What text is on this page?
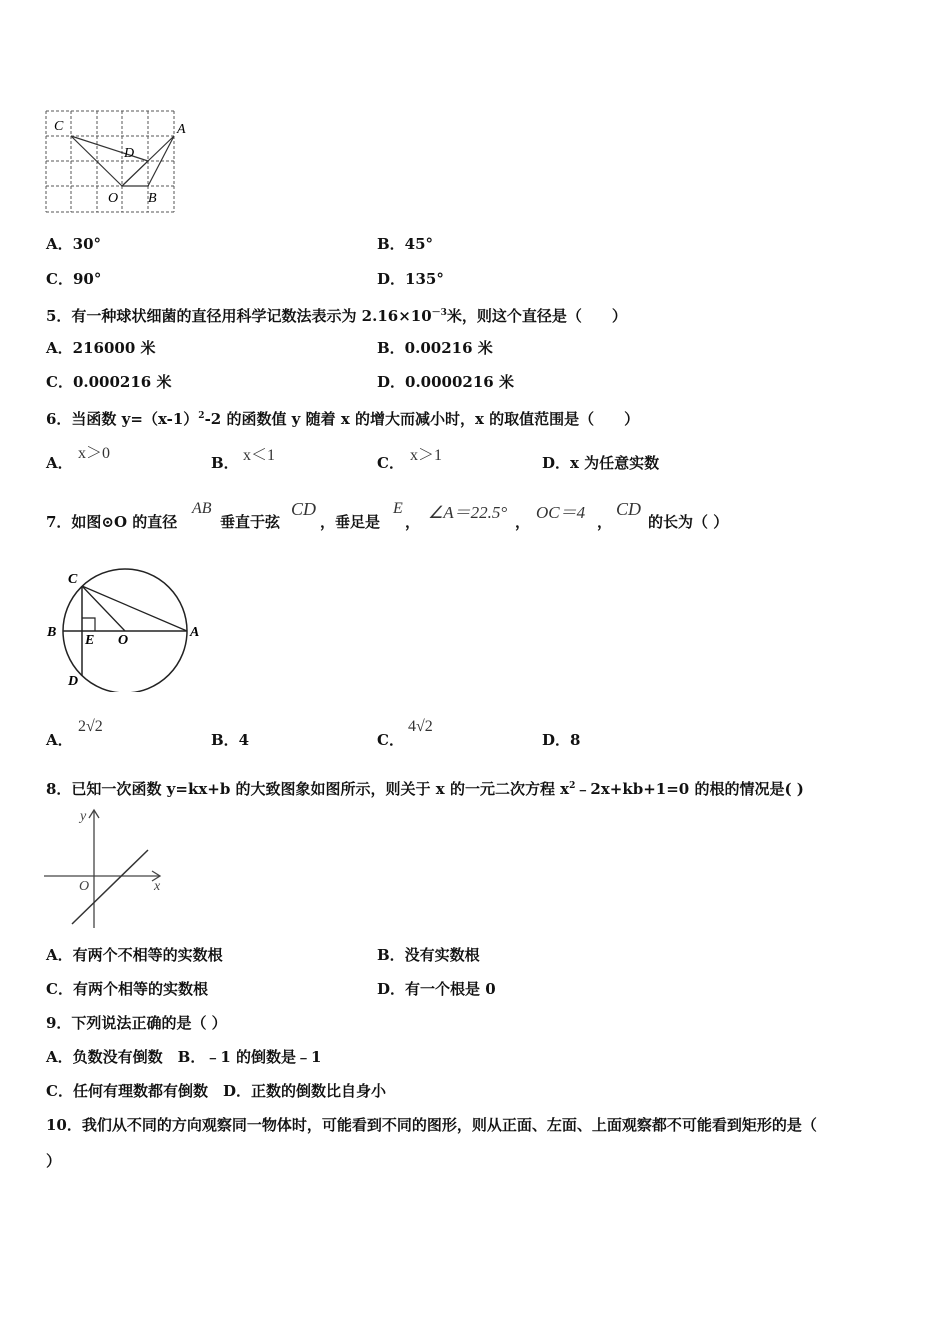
C	A
D
O B
A．30°	B．45°
C．90°	D．135°
5．有一种球状细菌的直径用科学记数法表示为 $2.16\times 10^{-3}$米，则这个直径是（　　）
A．216000 米	B．0.00216 米
C．0.000216 米	D．0.0000216 米
6．当函数 $y=(x-1)^2-2$ 的函数值 y 随着 x 的增大而减小时，x 的取值范围是（　　）
A．
x＞0
B． x＜1	C． x＞1	D．x 为任意实数
7．如图⊙O 的直径
AB
垂直于弦
CD
，垂足是
E
， ∠A＝22.5° ， OC＝4 ，
CD
的长为（ ）
C
B
E O
A
D
A．
2√2
B．4	C．
4√2
D．8
8．已知一次函数 y=kx+b 的大致图象如图所示，则关于 x 的一元二次方程 $x^2﹣2x+kb+1=0$ 的根的情况是( )
y
O	x
A．有两个不相等的实数根	B．没有实数根
C．有两个相等的实数根	D．有一个根是 0
9．下列说法正确的是（ ）
A．负数没有倒数　B．﹣1 的倒数是﹣1
C．任何有理数都有倒数　D．正数的倒数比自身小
10．我们从不同的方向观察同一物体时，可能看到不同的图形，则从正面、左面、上面观察都不可能看到矩形的是（
）
